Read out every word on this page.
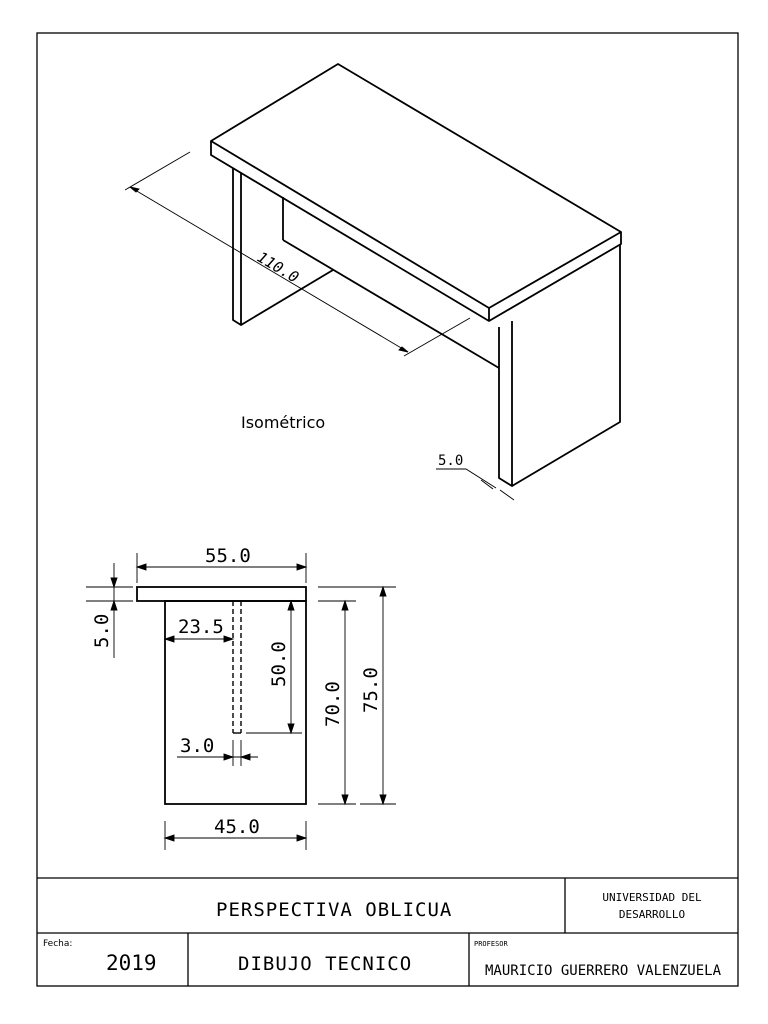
110.0
5.0
Isométrico
55.0
5.0	23.5
50.0
70.0 75.0
3.0
45.0
PERSPECTIVA OBLICUA
UNIVERSIDAD DEL
DESARROLLO
Fecha:
2019	DIBUJO TECNICO
PROFESOR
MAURICIO GUERRERO VALENZUELA
